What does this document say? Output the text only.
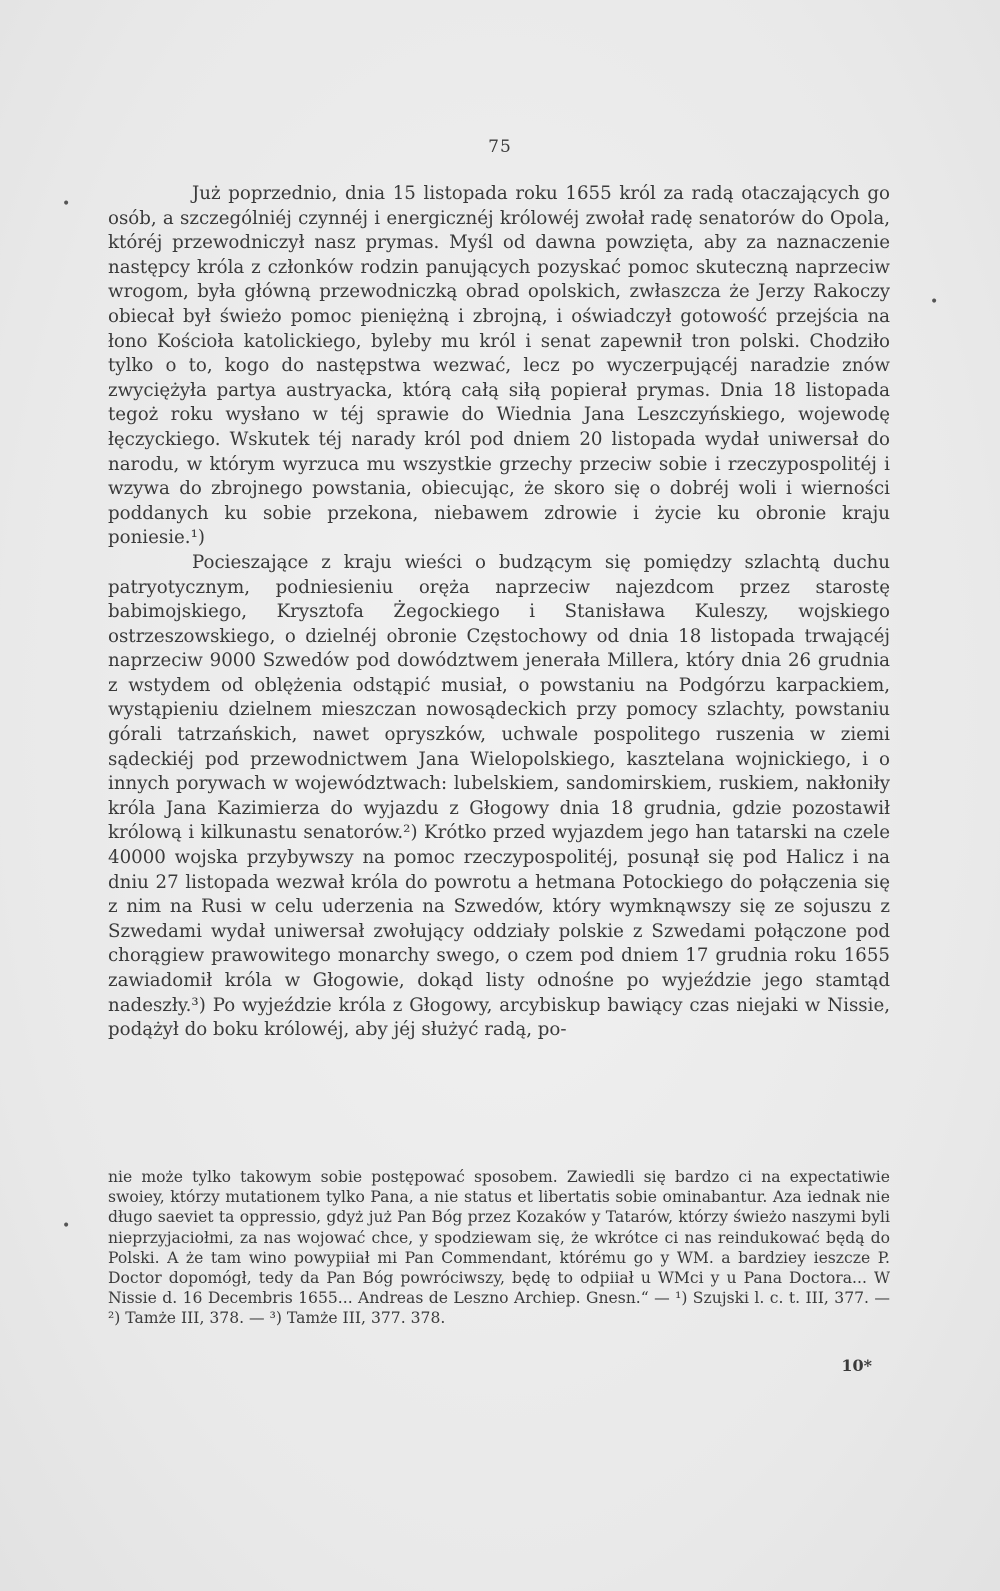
75
•
•
•

Już poprzednio, dnia 15 listopada roku 1655 król za radą otaczających go osób, a szczególniéj czynnéj i energicznéj królowéj zwołał radę senatorów do Opola, któréj przewodniczył nasz prymas. Myśl od dawna powzięta, aby za naznaczenie następcy króla z członków rodzin panujących pozyskać pomoc skuteczną naprzeciw wrogom, była główną przewodniczką obrad opolskich, zwłaszcza że Jerzy Rakoczy obiecał był świeżo pomoc pieniężną i zbrojną, i oświadczył gotowość przejścia na łono Kościoła katolickiego, byleby mu król i senat zapewnił tron polski. Chodziło tylko o to, kogo do następstwa wezwać, lecz po wyczerpującéj naradzie znów zwyciężyła partya austryacka, którą całą siłą popierał prymas. Dnia 18 listopada tegoż roku wysłano w téj sprawie do Wiednia Jana Leszczyńskiego, wojewodę łęczyckiego. Wskutek téj narady król pod dniem 20 listopada wydał uniwersał do narodu, w którym wyrzuca mu wszystkie grzechy przeciw sobie i rzeczypospolitéj i wzywa do zbrojnego powstania, obiecując, że skoro się o dobréj woli i wierności poddanych ku sobie przekona, niebawem zdrowie i życie ku obronie kraju poniesie.¹)

Pocieszające z kraju wieści o budzącym się pomiędzy szlachtą duchu patryotycznym, podniesieniu oręża naprzeciw najezdcom przez starostę babimojskiego, Krysztofa Żegockiego i Stanisława Kuleszy, wojskiego ostrzeszowskiego, o dzielnéj obronie Częstochowy od dnia 18 listopada trwającéj naprzeciw 9000 Szwedów pod dowództwem jenerała Millera, który dnia 26 grudnia z wstydem od oblężenia odstąpić musiał, o powstaniu na Podgórzu karpackiem, wystąpieniu dzielnem mieszczan nowosądeckich przy pomocy szlachty, powstaniu górali tatrzańskich, nawet opryszków, uchwale pospolitego ruszenia w ziemi sądeckiéj pod przewodnictwem Jana Wielopolskiego, kasztelana wojnickiego, i o innych porywach w województwach: lubelskiem, sandomirskiem, ruskiem, nakłoniły króla Jana Kazimierza do wyjazdu z Głogowy dnia 18 grudnia, gdzie pozostawił królową i kilkunastu senatorów.²) Krótko przed wyjazdem jego han tatarski na czele 40000 wojska przybywszy na pomoc rzeczypospolitéj, posunął się pod Halicz i na dniu 27 listopada wezwał króla do powrotu a hetmana Potockiego do połączenia się z nim na Rusi w celu uderzenia na Szwedów, który wymknąwszy się ze sojuszu z Szwedami wydał uniwersał zwołujący oddziały polskie z Szwedami połączone pod chorągiew prawowitego monarchy swego, o czem pod dniem 17 grudnia roku 1655 zawiadomił króla w Głogowie, dokąd listy odnośne po wyjeździe jego stamtąd nadeszły.³) Po wyjeździe króla z Głogowy, arcybiskup bawiący czas niejaki w Nissie, podążył do boku królowéj, aby jéj służyć radą, po-

nie może tylko takowym sobie postępować sposobem. Zawiedli się bardzo ci na expectatiwie swoiey, którzy mutationem tylko Pana, a nie status et libertatis sobie ominabantur. Aza iednak nie długo saeviet ta oppressio, gdyż już Pan Bóg przez Kozaków y Tatarów, którzy świeżo naszymi byli nieprzyjaciołmi, za nas wojować chce, y spodziewam się, że wkrótce ci nas reindukować będą do Polski. A że tam wino powypiiał mi Pan Commendant, którému go y WM. a bardziey ieszcze P. Doctor dopomógł, tedy da Pan Bóg powróciwszy, będę to odpiiał u WMci y u Pana Doctora... W Nissie d. 16 Decembris 1655... Andreas de Leszno Archiep. Gnesn.“ — ¹) Szujski l. c. t. III, 377. — ²) Tamże III, 378. — ³) Tamże III, 377. 378.

10*
